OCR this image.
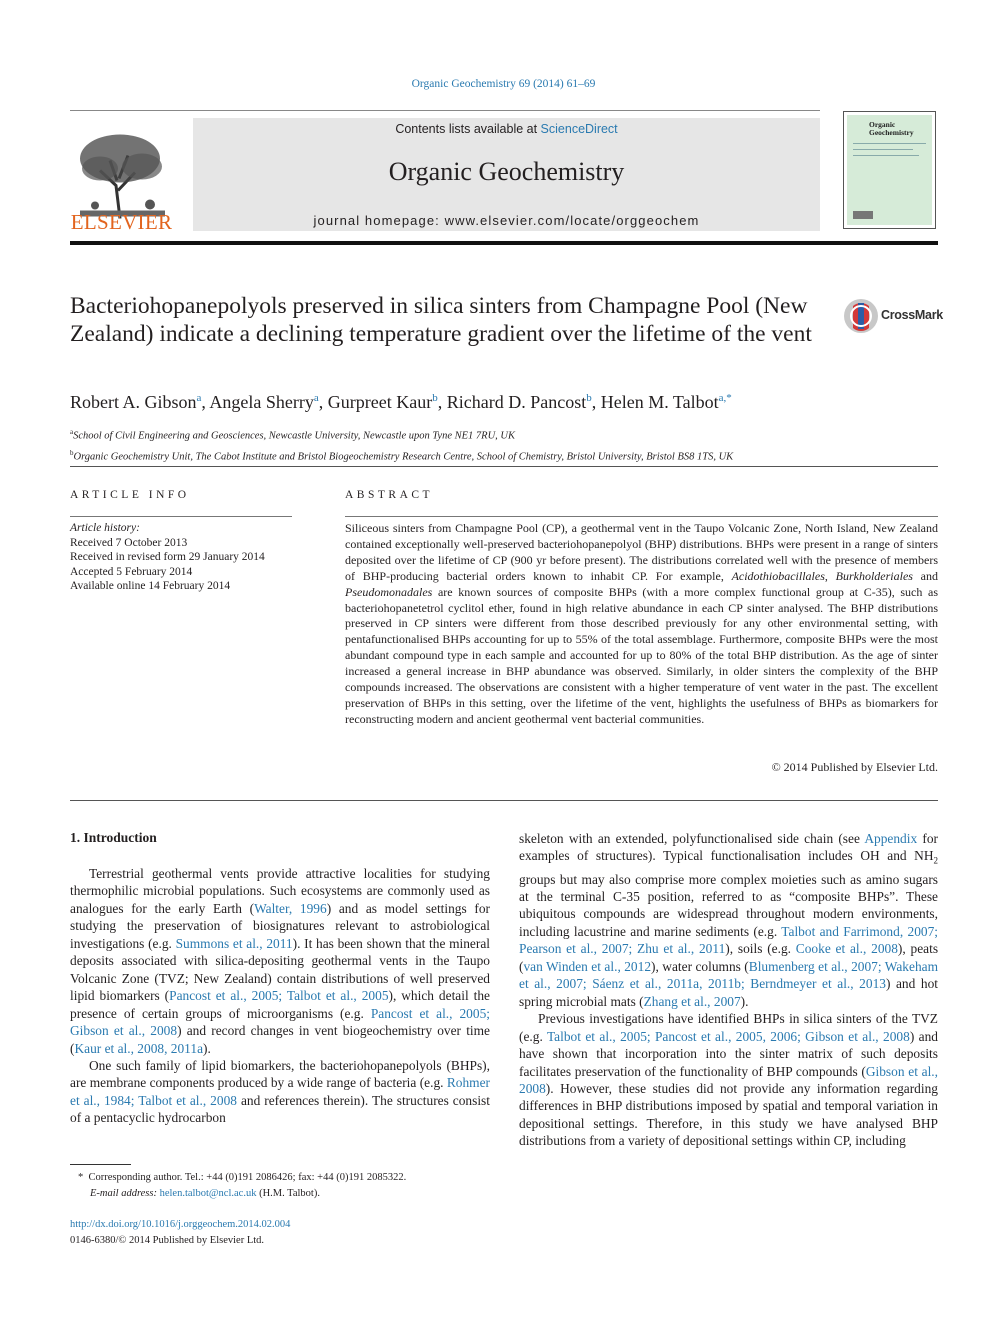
Organic Geochemistry 69 (2014) 61–69
ELSEVIER
Contents lists available at ScienceDirect
Organic Geochemistry
journal homepage: www.elsevier.com/locate/orggeochem
Organic Geochemistry
Bacteriohopanepolyols preserved in silica sinters from Champagne Pool (New Zealand) indicate a declining temperature gradient over the lifetime of the vent
CrossMark
Robert A. Gibson$^a$, Angela Sherry$^a$, Gurpreet Kaur$^b$, Richard D. Pancost$^b$, Helen M. Talbot$^{a,*}$
$^a$School of Civil Engineering and Geosciences, Newcastle University, Newcastle upon Tyne NE1 7RU, UK
$^b$Organic Geochemistry Unit, The Cabot Institute and Bristol Biogeochemistry Research Centre, School of Chemistry, Bristol University, Bristol BS8 1TS, UK
ARTICLE INFO
Article history:
Received 7 October 2013
Received in revised form 29 January 2014
Accepted 5 February 2014
Available online 14 February 2014
ABSTRACT
Siliceous sinters from Champagne Pool (CP), a geothermal vent in the Taupo Volcanic Zone, North Island, New Zealand contained exceptionally well-preserved bacteriohopanepolyol (BHP) distributions. BHPs were present in a range of sinters deposited over the lifetime of CP (900 yr before present). The distributions correlated well with the presence of members of BHP-producing bacterial orders known to inhabit CP. For example, Acidothiobacillales, Burkholderiales and Pseudomonadales are known sources of composite BHPs (with a more complex functional group at C-35), such as bacteriohopanetetrol cyclitol ether, found in high relative abundance in each CP sinter analysed. The BHP distributions preserved in CP sinters were different from those described previously for any other environmental setting, with pentafunctionalised BHPs accounting for up to 55% of the total assemblage. Furthermore, composite BHPs were the most abundant compound type in each sample and accounted for up to 80% of the total BHP distribution. As the age of sinter increased a general increase in BHP abundance was observed. Similarly, in older sinters the complexity of the BHP compounds increased. The observations are consistent with a higher temperature of vent water in the past. The excellent preservation of BHPs in this setting, over the lifetime of the vent, highlights the usefulness of BHPs as biomarkers for reconstructing modern and ancient geothermal vent bacterial communities.
© 2014 Published by Elsevier Ltd.
1. Introduction

Terrestrial geothermal vents provide attractive localities for studying thermophilic microbial populations. Such ecosystems are commonly used as analogues for the early Earth (Walter, 1996) and as model settings for studying the preservation of biosignatures relevant to astrobiological investigations (e.g. Summons et al., 2011). It has been shown that the mineral deposits associated with silica-depositing geothermal vents in the Taupo Volcanic Zone (TVZ; New Zealand) contain distributions of well preserved lipid biomarkers (Pancost et al., 2005; Talbot et al., 2005), which detail the presence of certain groups of microorganisms (e.g. Pancost et al., 2005; Gibson et al., 2008) and record changes in vent biogeochemistry over time (Kaur et al., 2008, 2011a).

One such family of lipid biomarkers, the bacteriohopanepolyols (BHPs), are membrane components produced by a wide range of bacteria (e.g. Rohmer et al., 1984; Talbot et al., 2008 and references therein). The structures consist of a pentacyclic hydrocarbon

skeleton with an extended, polyfunctionalised side chain (see Appendix for examples of structures). Typical functionalisation includes OH and $NH_2$ groups but may also comprise more complex moieties such as amino sugars at the terminal C-35 position, referred to as “composite BHPs”. These ubiquitous compounds are widespread throughout modern environments, including lacustrine and marine sediments (e.g. Talbot and Farrimond, 2007; Pearson et al., 2007; Zhu et al., 2011), soils (e.g. Cooke et al., 2008), peats (van Winden et al., 2012), water columns (Blumenberg et al., 2007; Wakeham et al., 2007; Sáenz et al., 2011a, 2011b; Berndmeyer et al., 2013) and hot spring microbial mats (Zhang et al., 2007).

Previous investigations have identified BHPs in silica sinters of the TVZ (e.g. Talbot et al., 2005; Pancost et al., 2005, 2006; Gibson et al., 2008) and have shown that incorporation into the sinter matrix of such deposits facilitates preservation of the functionality of BHP compounds (Gibson et al., 2008). However, these studies did not provide any information regarding differences in BHP distributions imposed by spatial and temporal variation in depositional settings. Therefore, in this study we have analysed BHP distributions from a variety of depositional settings within CP, including

* Corresponding author. Tel.: +44 (0)191 2086426; fax: +44 (0)191 2085322.
E-mail address: helen.talbot@ncl.ac.uk (H.M. Talbot).
http://dx.doi.org/10.1016/j.orggeochem.2014.02.004
0146-6380/© 2014 Published by Elsevier Ltd.
